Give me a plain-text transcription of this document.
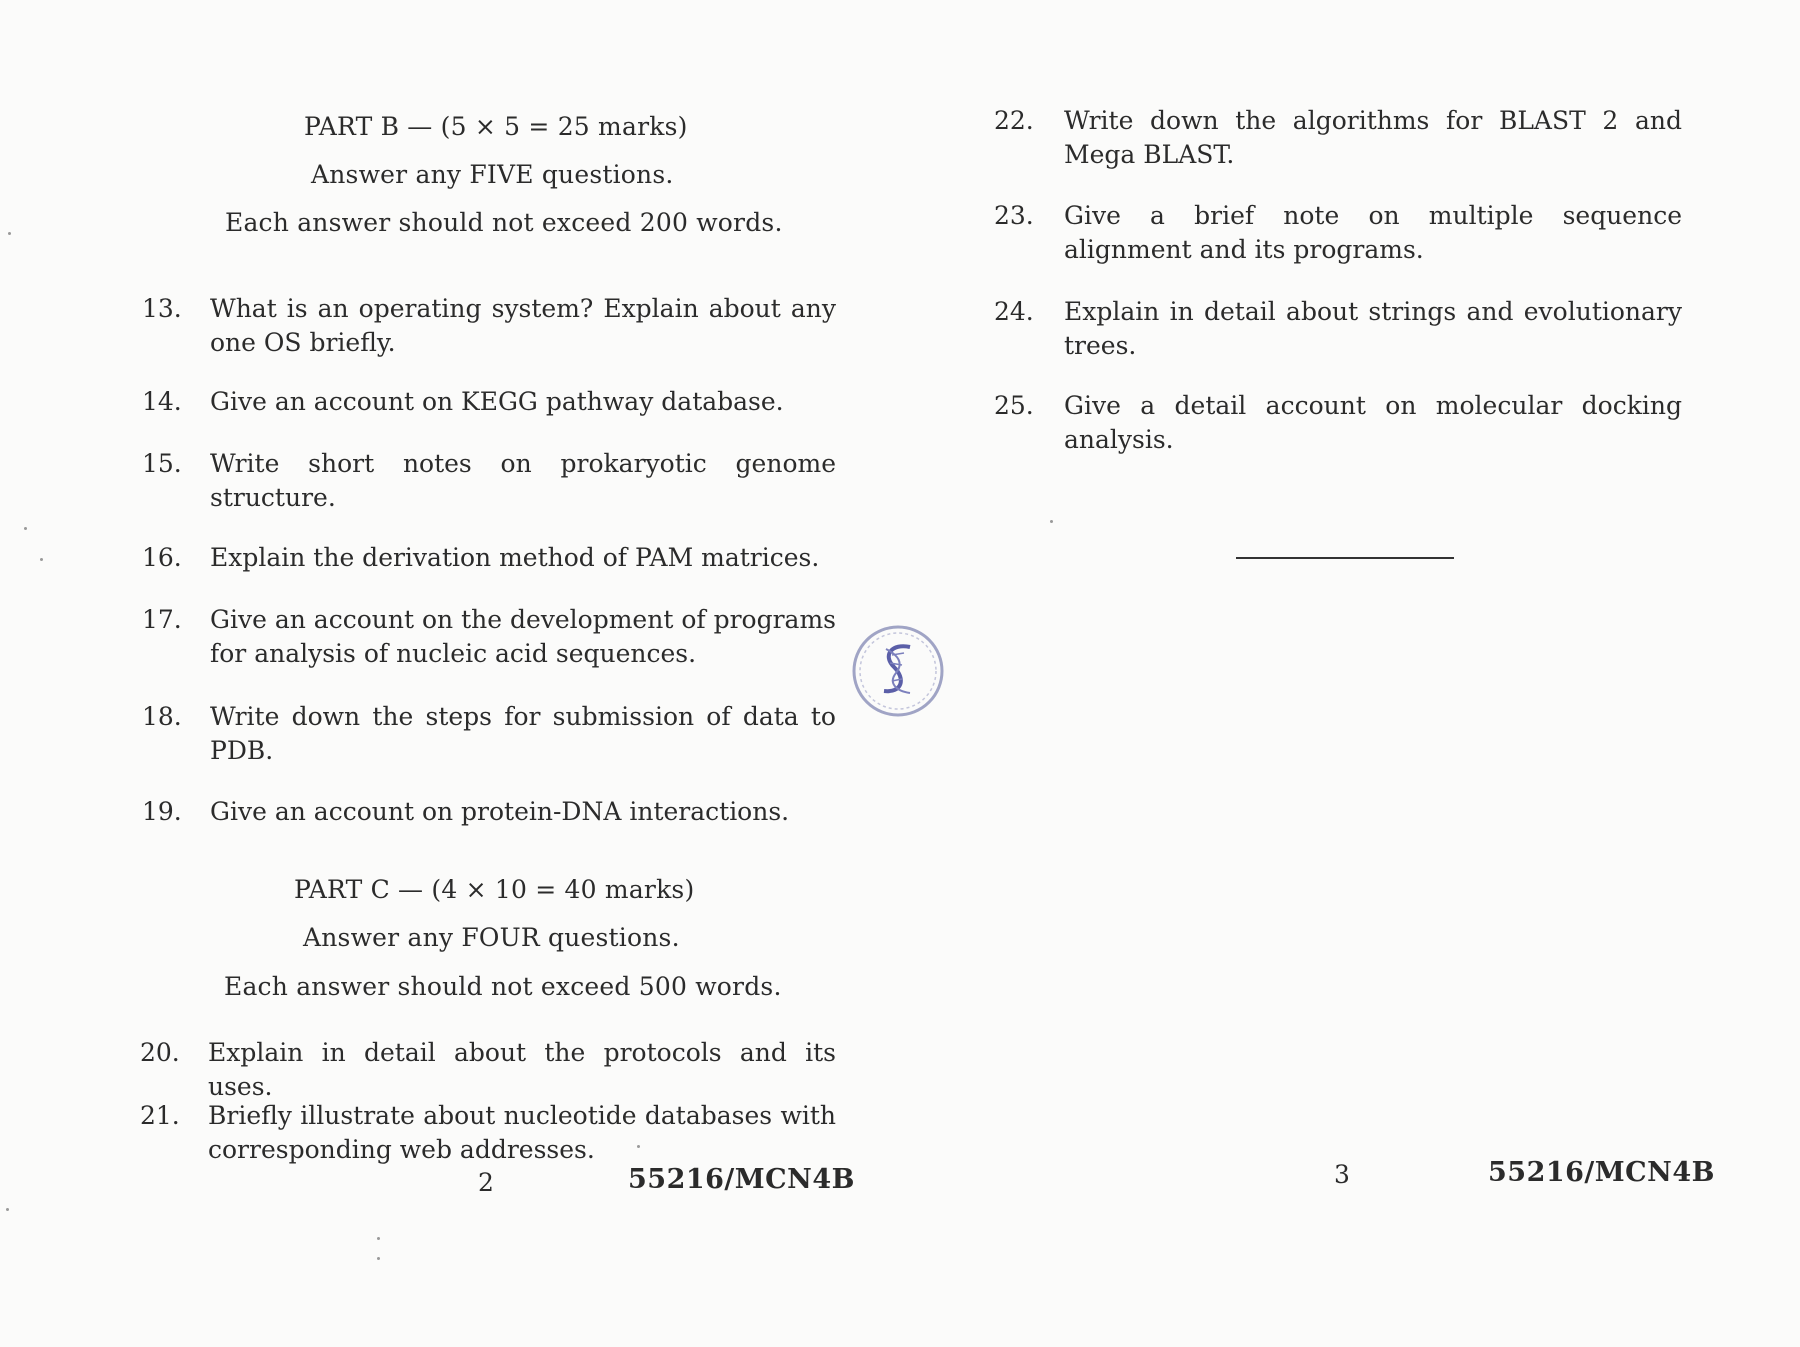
PART B — (5 × 5 = 25 marks)
Answer any FIVE questions.
Each answer should not exceed 200 words.
13. What is an operating system? Explain about any one OS briefly.
14. Give an account on KEGG pathway database.
15. Write short notes on prokaryotic genome structure.
16. Explain the derivation method of PAM matrices.
17. Give an account on the development of programs for analysis of nucleic acid sequences.
18. Write down the steps for submission of data to PDB.
19. Give an account on protein-DNA interactions.
PART C — (4 × 10 = 40 marks)
Answer any FOUR questions.
Each answer should not exceed 500 words.
20. Explain in detail about the protocols and its uses.
21. Briefly illustrate about nucleotide databases with corresponding web addresses.
2	55216/MCN4B
22. Write down the algorithms for BLAST 2 and Mega BLAST.
23. Give a brief note on multiple sequence alignment and its programs.
24. Explain in detail about strings and evolutionary trees.
25. Give a detail account on molecular docking analysis.
3	55216/MCN4B
